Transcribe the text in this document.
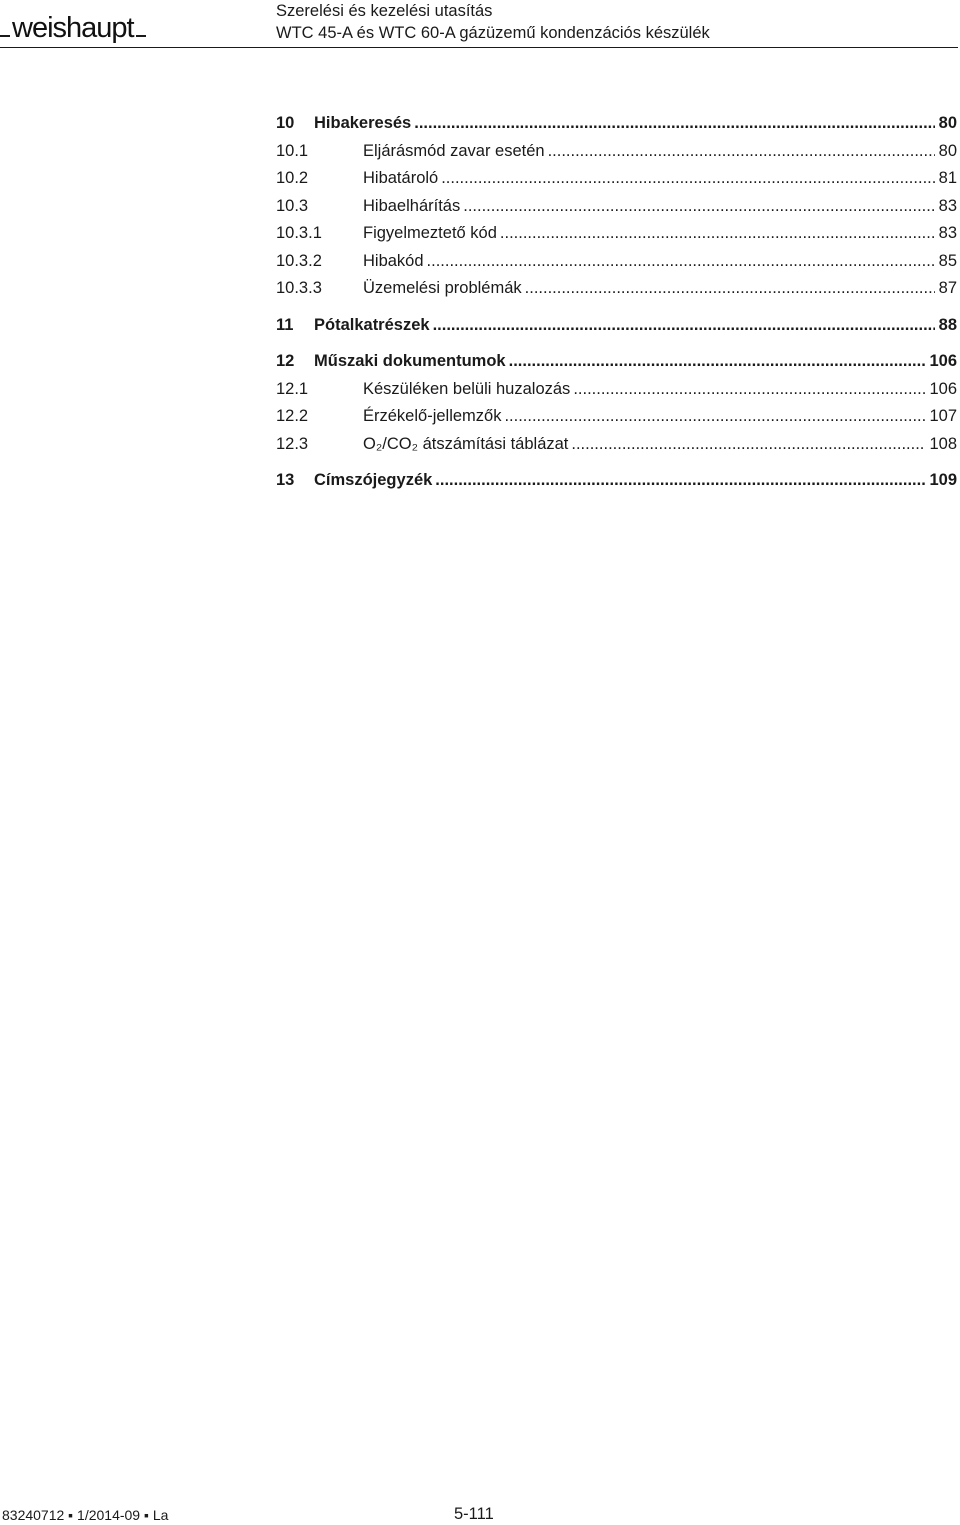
weishaupt
Szerelési és kezelési utasítás
WTC 45-A és WTC 60-A gázüzemű kondenzációs készülék
10	Hibakeresés .....	80
10.1	Eljárásmód zavar esetén .....	80
10.2	Hibatároló .....	81
10.3	Hibaelhárítás .....	83
10.3.1	Figyelmeztető kód .....	83
10.3.2	Hibakód .....	85
10.3.3	Üzemelési problémák .....	87
11	Pótalkatrészek .....	88
12	Műszaki dokumentumok .....	106
12.1	Készüléken belüli huzalozás .....	106
12.2	Érzékelő-jellemzők .....	107
12.3	O₂/CO₂ átszámítási táblázat .....	108
13	Címszójegyzék .....	109
83240712 ▪ 1/2014-09 ▪ La	5-111
